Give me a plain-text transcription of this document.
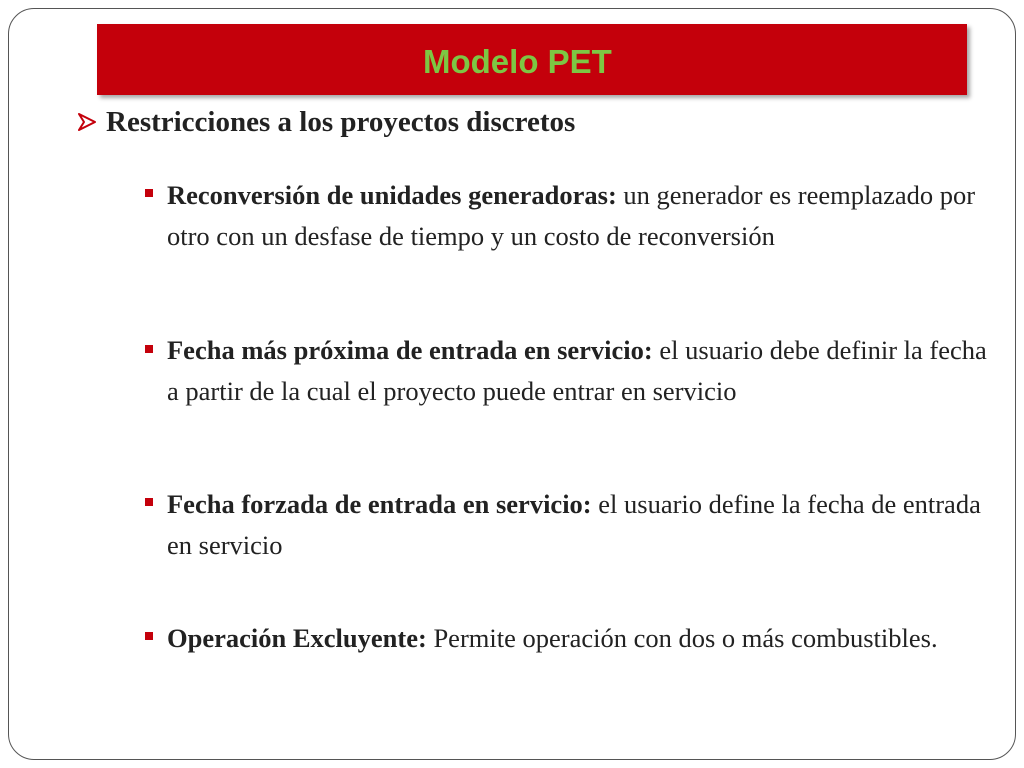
Modelo PET
Restricciones a los proyectos discretos
Reconversión de unidades generadoras: un generador es reemplazado por otro con un desfase de tiempo y un costo de reconversión
Fecha más próxima de entrada en servicio: el usuario debe definir la fecha a partir de la cual el proyecto puede entrar en servicio
Fecha forzada de entrada en servicio: el usuario define la fecha de entrada en servicio
Operación Excluyente: Permite operación con dos o más combustibles.
